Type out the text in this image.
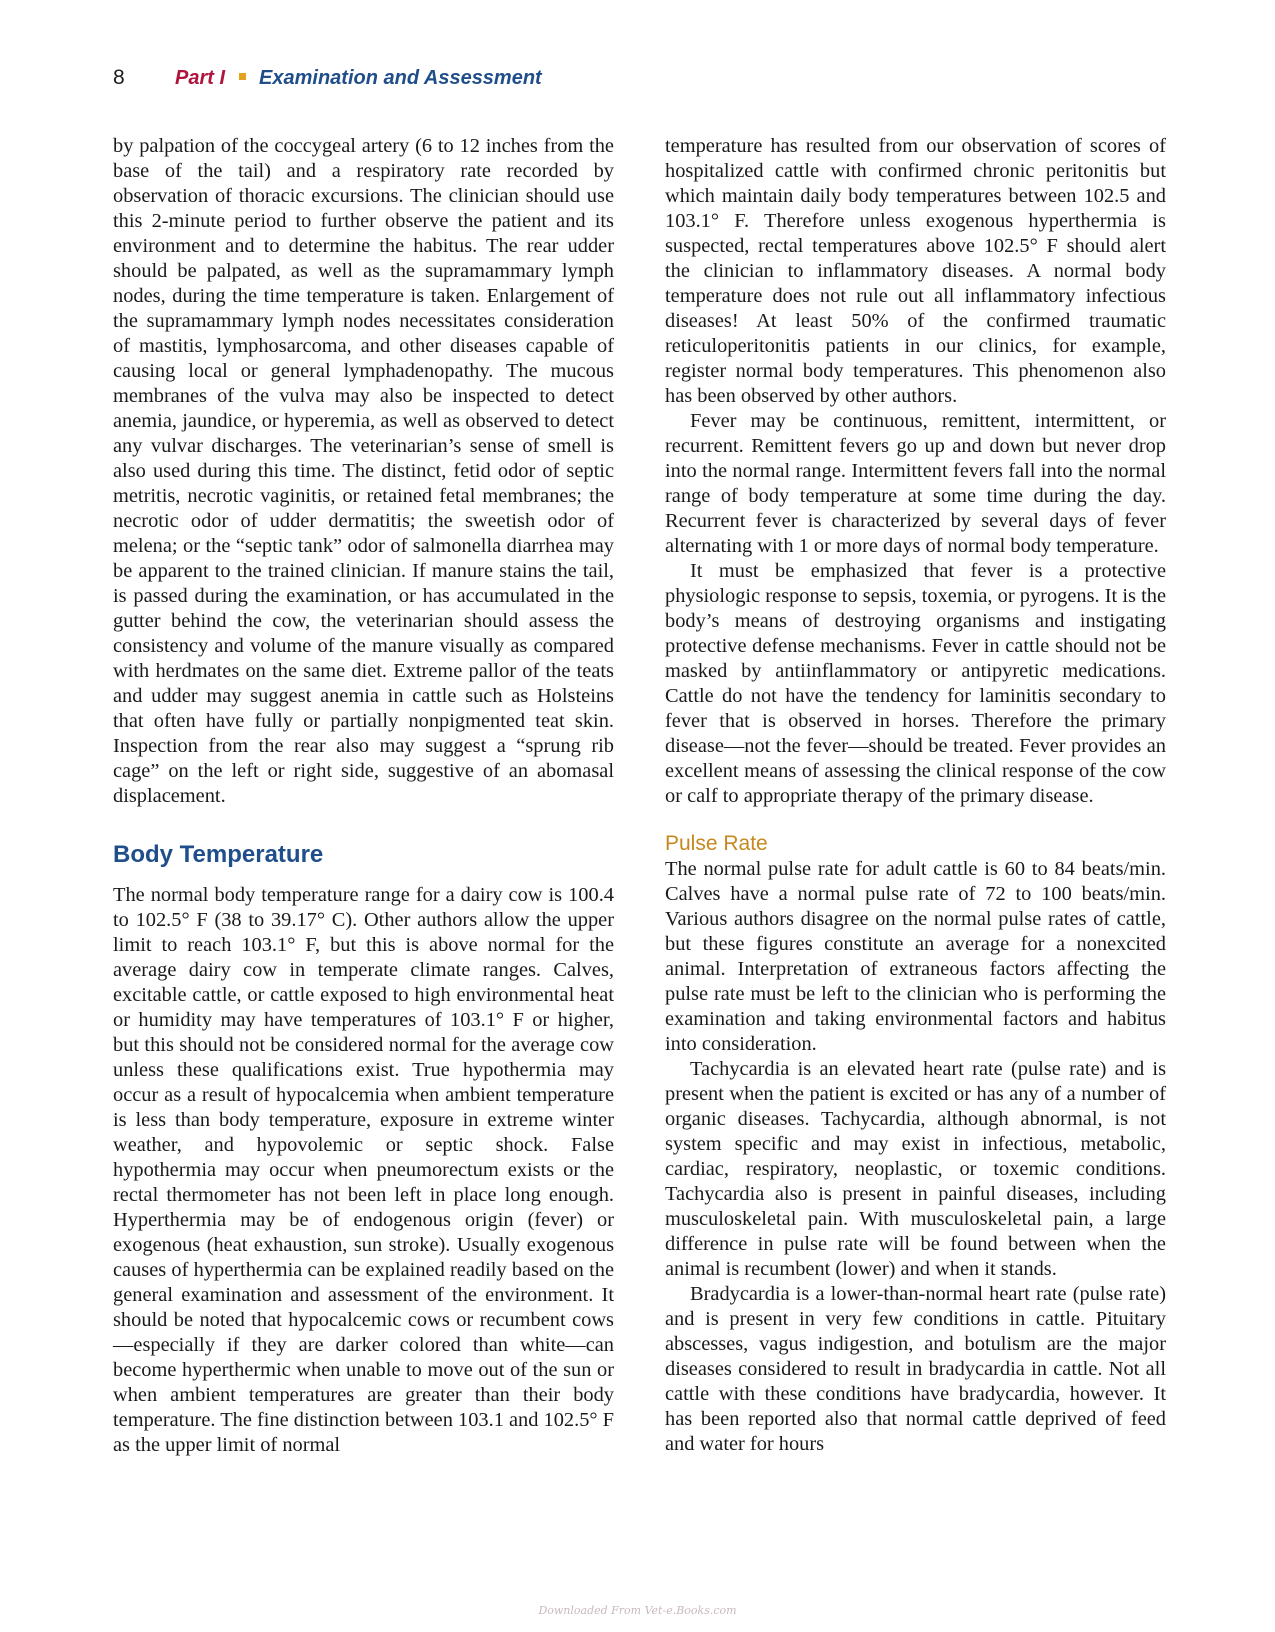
8	Part I Examination and Assessment

by palpation of the coccygeal artery (6 to 12 inches from the base of the tail) and a respiratory rate recorded by observation of thoracic excursions. The clinician should use this 2-minute period to further observe the patient and its environment and to determine the habitus. The rear udder should be palpated, as well as the supramammary lymph nodes, during the time temperature is taken. Enlargement of the supramammary lymph nodes necessitates consideration of mastitis, lymphosarcoma, and other diseases capable of causing local or general lymphadenopathy. The mucous membranes of the vulva may also be inspected to detect anemia, jaundice, or hyperemia, as well as observed to detect any vulvar discharges. The veterinarian’s sense of smell is also used during this time. The distinct, fetid odor of septic metritis, necrotic vaginitis, or retained fetal membranes; the necrotic odor of udder dermatitis; the sweetish odor of melena; or the “septic tank” odor of salmonella diarrhea may be apparent to the trained clinician. If manure stains the tail, is passed during the examination, or has accumulated in the gutter behind the cow, the veterinarian should assess the consistency and volume of the manure visually as compared with herdmates on the same diet. Extreme pallor of the teats and udder may suggest anemia in cattle such as Holsteins that often have fully or partially nonpigmented teat skin. Inspection from the rear also may suggest a “sprung rib cage” on the left or right side, suggestive of an abomasal displacement.

Body Temperature

The normal body temperature range for a dairy cow is 100.4 to 102.5° F (38 to 39.17° C). Other authors allow the upper limit to reach 103.1° F, but this is above normal for the average dairy cow in temperate climate ranges. Calves, excitable cattle, or cattle exposed to high environmental heat or humidity may have temperatures of 103.1° F or higher, but this should not be considered normal for the average cow unless these qualifications exist. True hypothermia may occur as a result of hypocalcemia when ambient temperature is less than body temperature, exposure in extreme winter weather, and hypovolemic or septic shock. False hypothermia may occur when pneumorectum exists or the rectal thermometer has not been left in place long enough. Hyperthermia may be of endogenous origin (fever) or exogenous (heat exhaustion, sun stroke). Usually exogenous causes of hyperthermia can be explained readily based on the general examination and assessment of the environment. It should be noted that hypocalcemic cows or recumbent cows—especially if they are darker colored than white—can become hyperthermic when unable to move out of the sun or when ambient temperatures are greater than their body temperature. The fine distinction between 103.1 and 102.5° F as the upper limit of normal

temperature has resulted from our observation of scores of hospitalized cattle with confirmed chronic peritonitis but which maintain daily body temperatures between 102.5 and 103.1° F. Therefore unless exogenous hyperthermia is suspected, rectal temperatures above 102.5° F should alert the clinician to inflammatory diseases. A normal body temperature does not rule out all inflammatory infectious diseases! At least 50% of the confirmed traumatic reticuloperitonitis patients in our clinics, for example, register normal body temperatures. This phenomenon also has been observed by other authors.

Fever may be continuous, remittent, intermittent, or recurrent. Remittent fevers go up and down but never drop into the normal range. Intermittent fevers fall into the normal range of body temperature at some time during the day. Recurrent fever is characterized by several days of fever alternating with 1 or more days of normal body temperature.

It must be emphasized that fever is a protective physiologic response to sepsis, toxemia, or pyrogens. It is the body’s means of destroying organisms and instigating protective defense mechanisms. Fever in cattle should not be masked by antiinflammatory or antipyretic medications. Cattle do not have the tendency for laminitis secondary to fever that is observed in horses. Therefore the primary disease—not the fever—should be treated. Fever provides an excellent means of assessing the clinical response of the cow or calf to appropriate therapy of the primary disease.

Pulse Rate

The normal pulse rate for adult cattle is 60 to 84 beats/min. Calves have a normal pulse rate of 72 to 100 beats/min. Various authors disagree on the normal pulse rates of cattle, but these figures constitute an average for a nonexcited animal. Interpretation of extraneous factors affecting the pulse rate must be left to the clinician who is performing the examination and taking environmental factors and habitus into consideration.

Tachycardia is an elevated heart rate (pulse rate) and is present when the patient is excited or has any of a number of organic diseases. Tachycardia, although abnormal, is not system specific and may exist in infectious, metabolic, cardiac, respiratory, neoplastic, or toxemic conditions. Tachycardia also is present in painful diseases, including musculoskeletal pain. With musculoskeletal pain, a large difference in pulse rate will be found between when the animal is recumbent (lower) and when it stands.

Bradycardia is a lower-than-normal heart rate (pulse rate) and is present in very few conditions in cattle. Pituitary abscesses, vagus indigestion, and botulism are the major diseases considered to result in bradycardia in cattle. Not all cattle with these conditions have bradycardia, however. It has been reported also that normal cattle deprived of feed and water for hours

Downloaded From Vet-e.Books.com
